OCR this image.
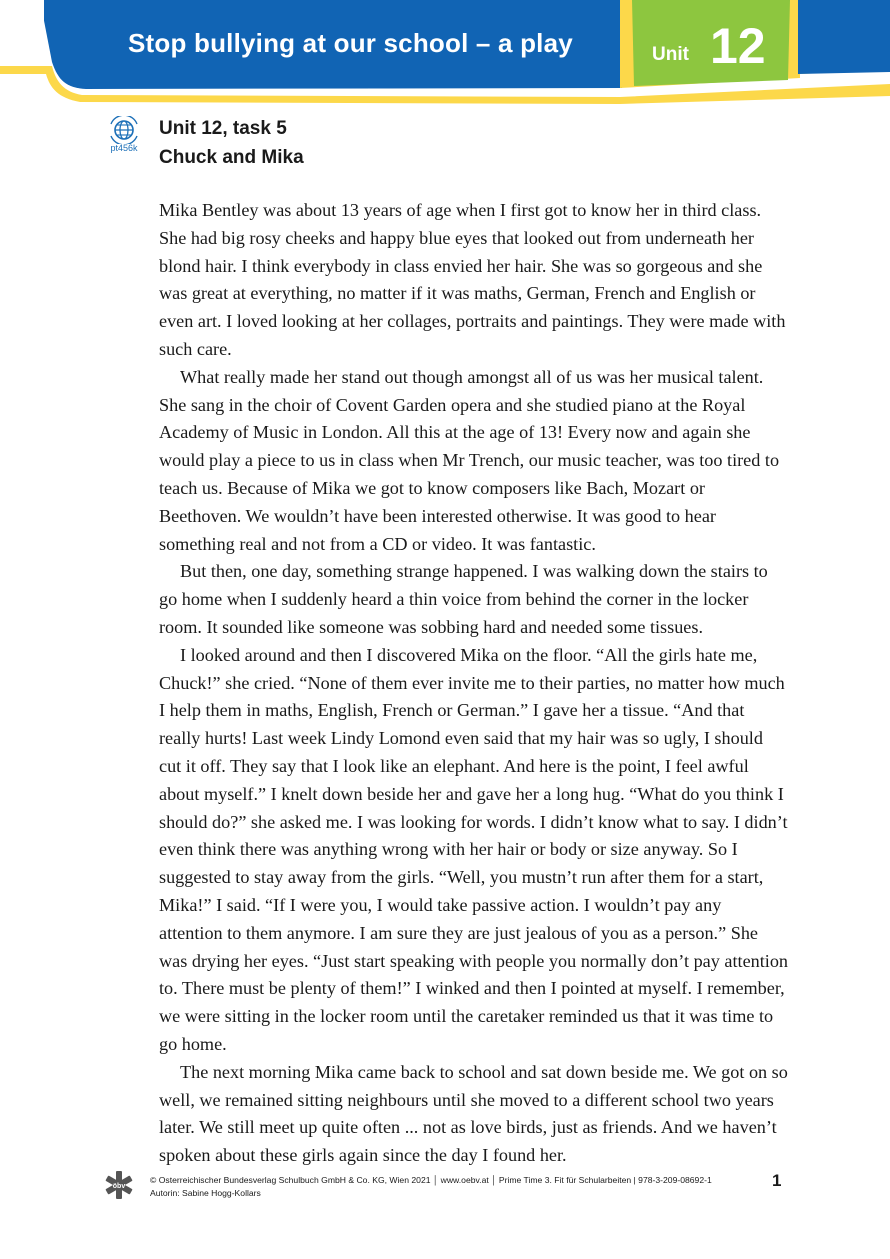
Stop bullying at our school – a play	Unit 12
pt456k
Unit 12, task 5
Chuck and Mika

Mika Bentley was about 13 years of age when I first got to know her in third class. She had big rosy cheeks and happy blue eyes that looked out from underneath her blond hair. I think everybody in class envied her hair. She was so gorgeous and she was great at everything, no matter if it was maths, German, French and English or even art. I loved looking at her collages, portraits and paintings. They were made with such care.

What really made her stand out though amongst all of us was her musical talent. She sang in the choir of Covent Garden opera and she studied piano at the Royal Academy of Music in London. All this at the age of 13! Every now and again she would play a piece to us in class when Mr Trench, our music teacher, was too tired to teach us. Because of Mika we got to know composers like Bach, Mozart or Beethoven. We wouldn’t have been interested otherwise. It was good to hear something real and not from a CD or video. It was fantastic.

But then, one day, something strange happened. I was walking down the stairs to go home when I suddenly heard a thin voice from behind the corner in the locker room. It sounded like someone was sobbing hard and needed some tissues.

I looked around and then I discovered Mika on the floor. “All the girls hate me, Chuck!” she cried. “None of them ever invite me to their parties, no matter how much I help them in maths, English, French or German.” I gave her a tissue. “And that really hurts! Last week Lindy Lomond even said that my hair was so ugly, I should cut it off. They say that I look like an elephant. And here is the point, I feel awful about myself.” I knelt down beside her and gave her a long hug. “What do you think I should do?” she asked me. I was looking for words. I didn’t know what to say. I didn’t even think there was anything wrong with her hair or body or size anyway. So I suggested to stay away from the girls. “Well, you mustn’t run after them for a start, Mika!” I said. “If I were you, I would take passive action. I wouldn’t pay any attention to them anymore. I am sure they are just jealous of you as a person.” She was drying her eyes. “Just start speaking with people you normally don’t pay attention to. There must be plenty of them!” I winked and then I pointed at myself. I remember, we were sitting in the locker room until the caretaker reminded us that it was time to go home.

The next morning Mika came back to school and sat down beside me. We got on so well, we remained sitting neighbours until she moved to a different school two years later. We still meet up quite often ... not as love birds, just as friends. And we haven’t spoken about these girls again since the day I found her.

öbv
© Osterreichischer Bundesverlag Schulbuch GmbH & Co. KG, Wien 2021 │ www.oebv.at │ Prime Time 3. Fit für Schularbeiten | 978-3-209-08692-1
Autorin: Sabine Hogg-Kollars
1
